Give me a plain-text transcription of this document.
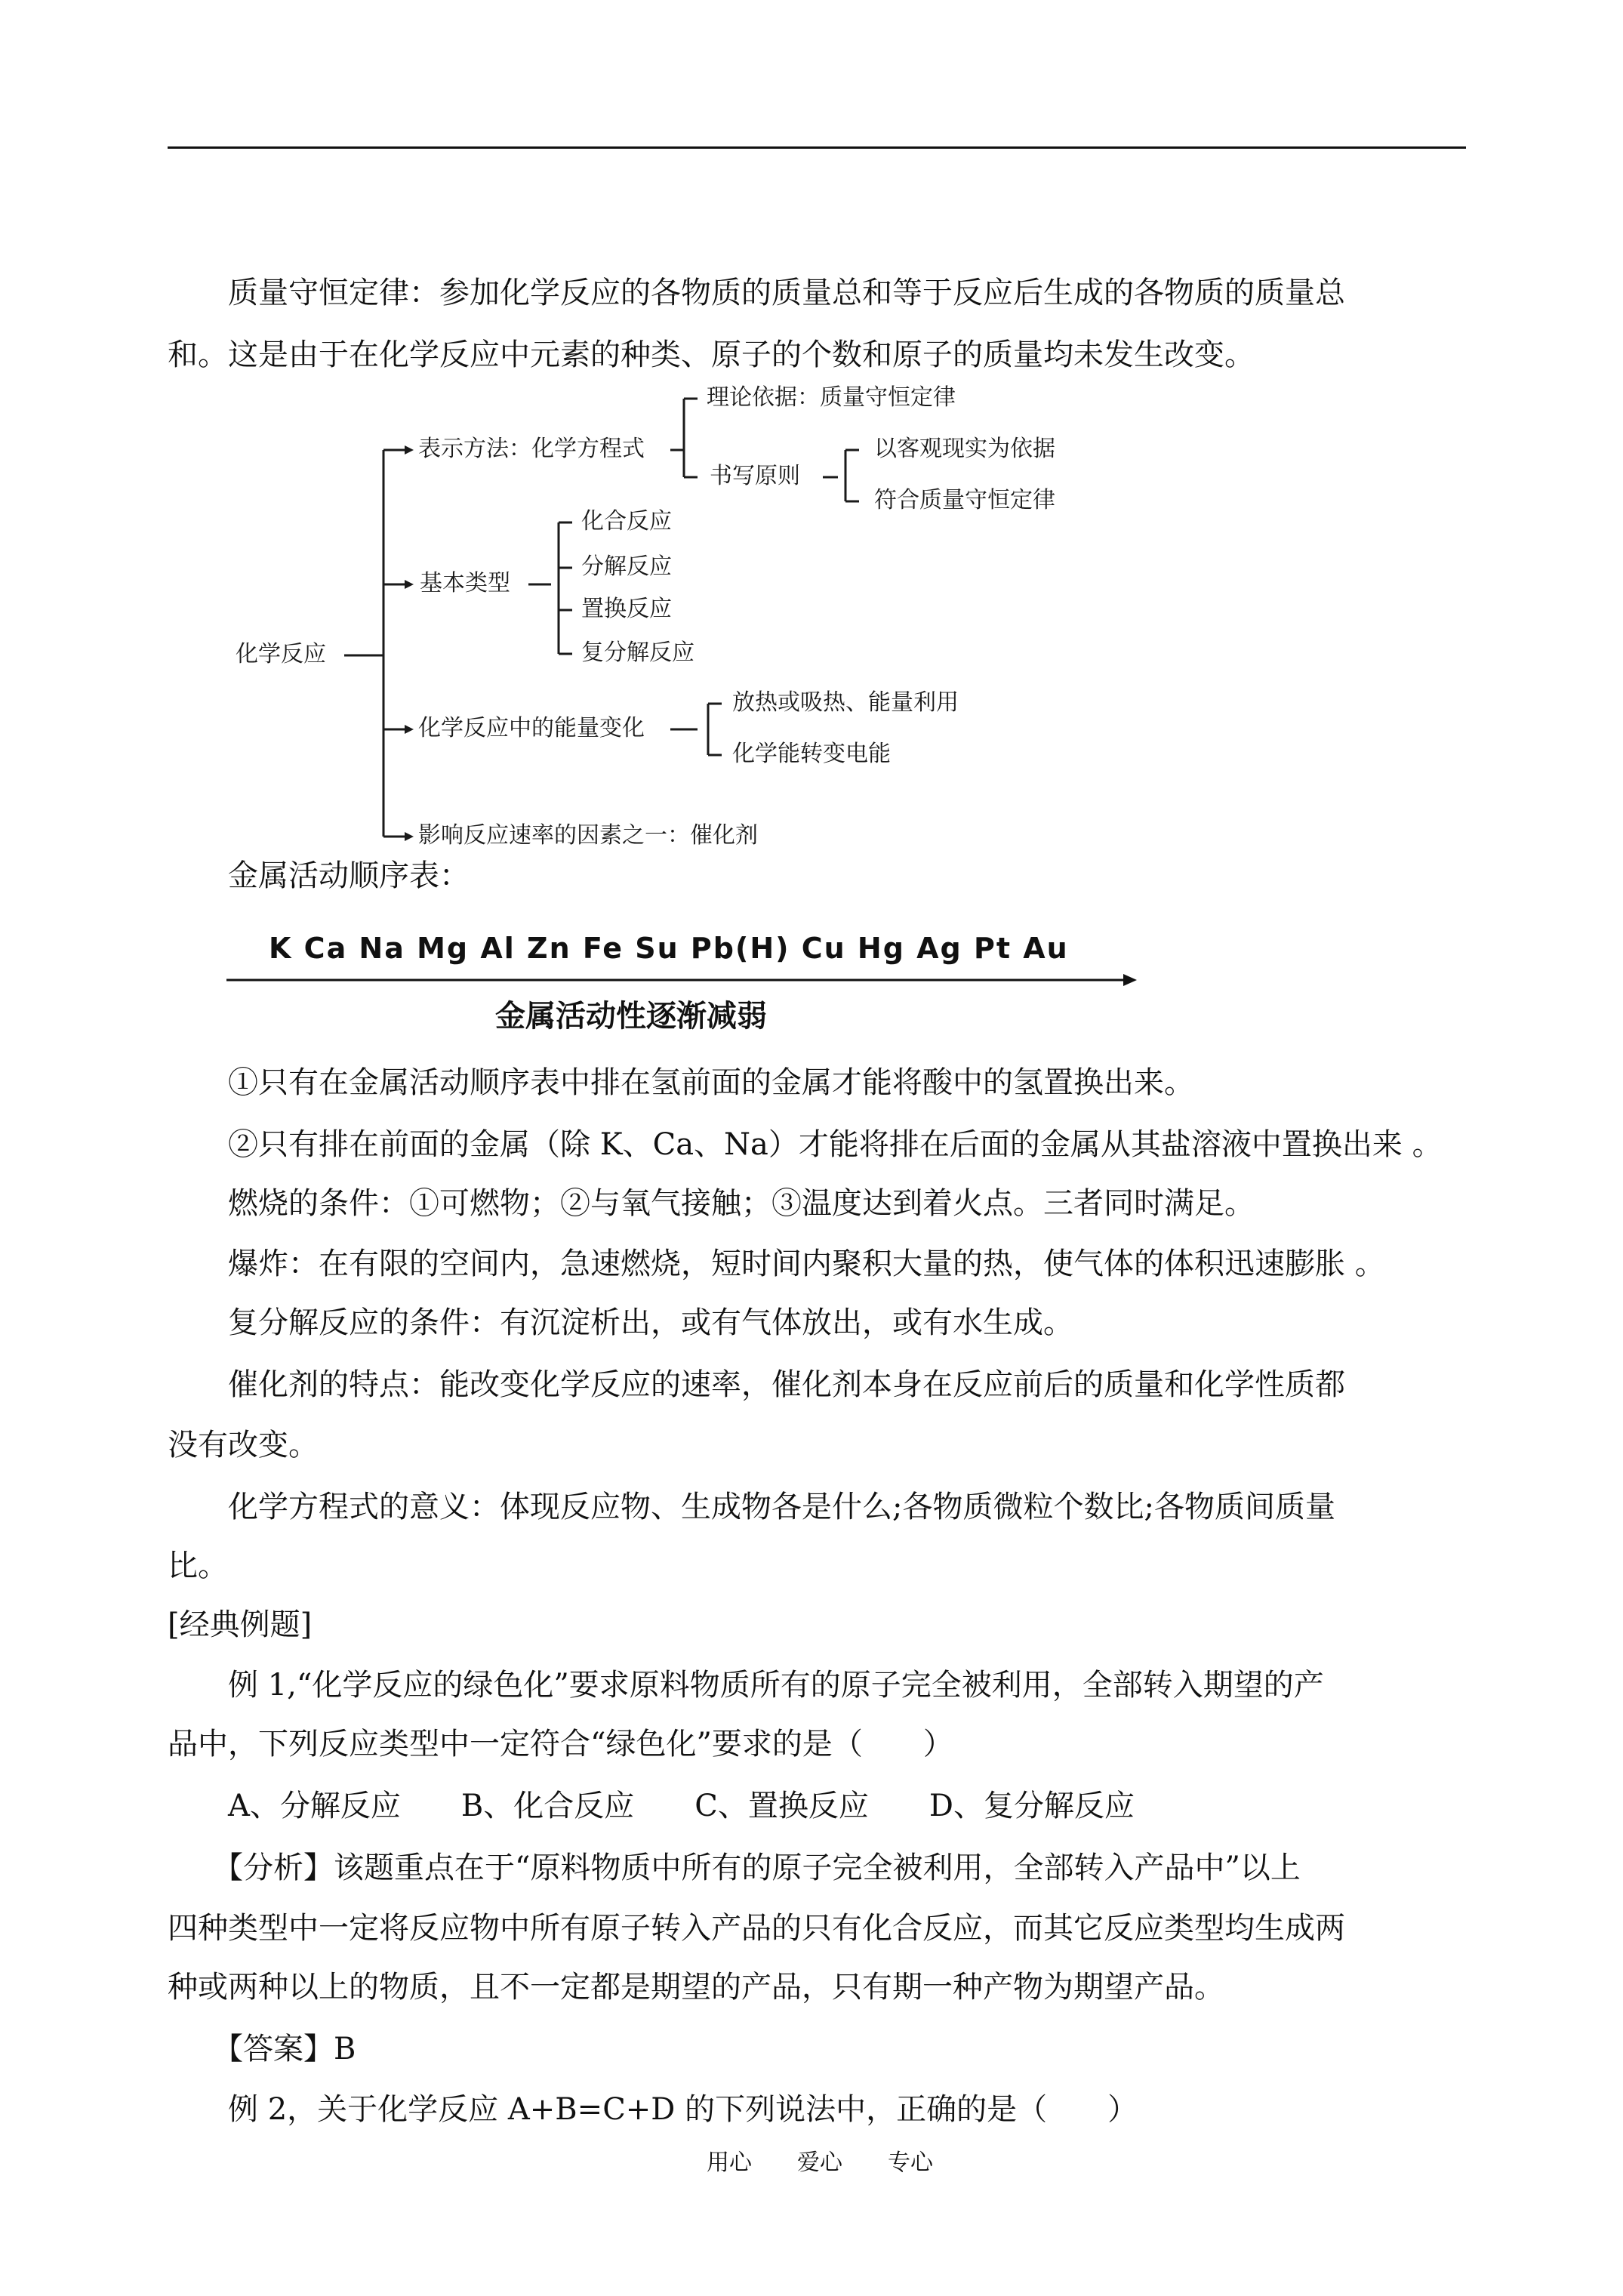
质量守恒定律：参加化学反应的各物质的质量总和等于反应后生成的各物质的质量总
和。这是由于在化学反应中元素的种类、原子的个数和原子的质量均未发生改变。
化学反应
表示方法：化学方程式
理论依据：质量守恒定律
书写原则
以客观现实为依据
符合质量守恒定律
基本类型
化合反应
分解反应
置换反应
复分解反应
化学反应中的能量变化
放热或吸热、能量利用
化学能转变电能
影响反应速率的因素之一：催化剂
金属活动顺序表：
K Ca Na Mg Al Zn Fe Su Pb(H) Cu Hg Ag Pt Au
金属活动性逐渐减弱
①只有在金属活动顺序表中排在氢前面的金属才能将酸中的氢置换出来。
②只有排在前面的金属（除 K、Ca、Na）才能将排在后面的金属从其盐溶液中置换出来 。
燃烧的条件：①可燃物；②与氧气接触；③温度达到着火点。三者同时满足。
爆炸：在有限的空间内，急速燃烧，短时间内聚积大量的热，使气体的体积迅速膨胀 。
复分解反应的条件：有沉淀析出，或有气体放出，或有水生成。
催化剂的特点：能改变化学反应的速率，催化剂本身在反应前后的质量和化学性质都
没有改变。
化学方程式的意义：体现反应物、生成物各是什么;各物质微粒个数比;各物质间质量
比。
[经典例题]
例 1,“化学反应的绿色化”要求原料物质所有的原子完全被利用，全部转入期望的产
品中，下列反应类型中一定符合“绿色化”要求的是（　　）
A、分解反应　　B、化合反应　　C、置换反应　　D、复分解反应
【分析】该题重点在于“原料物质中所有的原子完全被利用，全部转入产品中”以上
四种类型中一定将反应物中所有原子转入产品的只有化合反应，而其它反应类型均生成两
种或两种以上的物质，且不一定都是期望的产品，只有期一种产物为期望产品。
【答案】B
例 2，关于化学反应 A+B=C+D 的下列说法中，正确的是（　　）
用心 爱心 专心
